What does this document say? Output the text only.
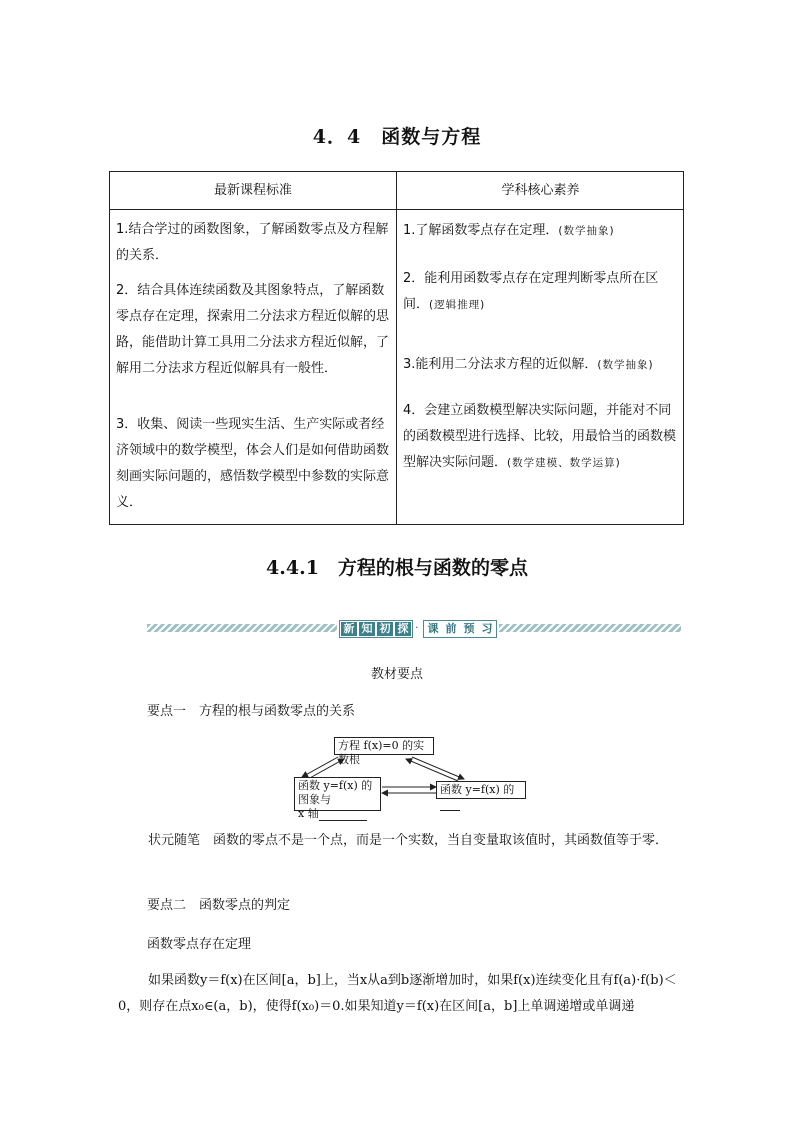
4．4　函数与方程
最新课程标准	学科核心素养
1.结合学过的函数图象，了解函数零点及方程解的关系．
2．结合具体连续函数及其图象特点，了解函数零点存在定理，探索用二分法求方程近似解的思路，能借助计算工具用二分法求方程近似解，了解用二分法求方程近似解具有一般性．
3．收集、阅读一些现实生活、生产实际或者经济领域中的数学模型，体会人们是如何借助函数刻画实际问题的，感悟数学模型中参数的实际意义．
1.了解函数零点存在定理．(数学抽象)
2．能利用函数零点存在定理判断零点所在区间．(逻辑推理)
3.能利用二分法求方程的近似解．(数学抽象)
4．会建立函数模型解决实际问题，并能对不同的函数模型进行选择、比较，用最恰当的函数模型解决实际问题．(数学建模、数学运算)
4.4.1　方程的根与函数的零点
新 知 初 探 · 课 前 预 习
教材要点
要点一　方程的根与函数零点的关系
方程 f(x)=0 的实数根
函数 y=f(x) 的图象与
x 轴
函数 y=f(x) 的
状元随笔　函数的零点不是一个点，而是一个实数，当自变量取该值时，其函数值等于零．
要点二　函数零点的判定
函数零点存在定理
如果函数y＝f(x)在区间[a，b]上，当x从a到b逐渐增加时，如果f(x)连续变化且有f(a)·f(b)＜0，则存在点x₀∈(a，b)，使得f(x₀)＝0.如果知道y＝f(x)在区间[a，b]上单调递增或单调递
